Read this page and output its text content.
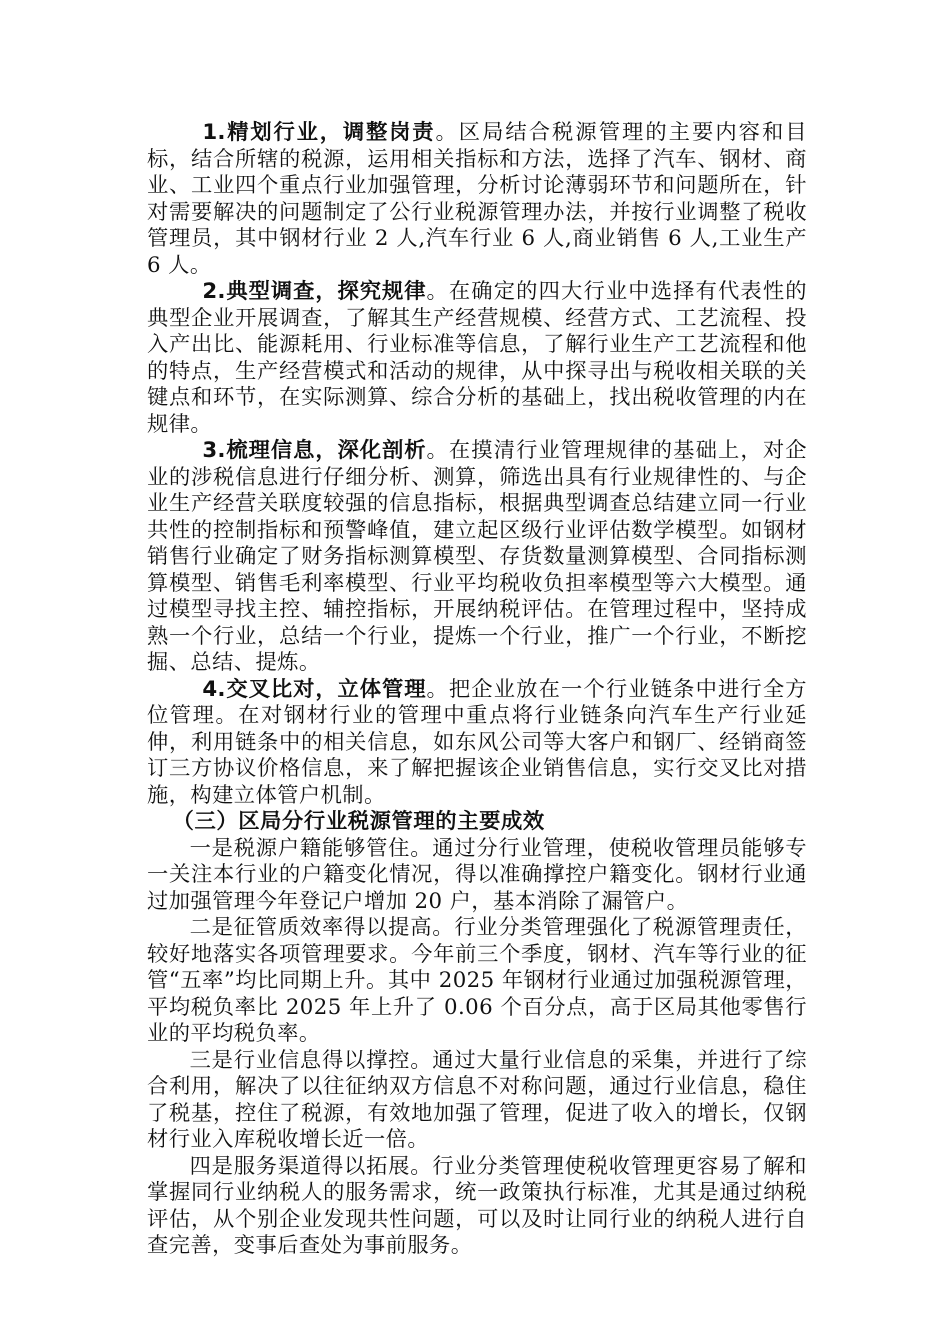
1.精划行业，调整岗责。区局结合税源管理的主要内容和目标，结合所辖的税源，运用相关指标和方法，选择了汽车、钢材、商业、工业四个重点行业加强管理，分析讨论薄弱环节和问题所在，针对需要解决的问题制定了公行业税源管理办法，并按行业调整了税收管理员，其中钢材行业 2 人,汽车行业 6 人,商业销售 6 人,工业生产 6 人。

2.典型调查，探究规律。在确定的四大行业中选择有代表性的典型企业开展调查，了解其生产经营规模、经营方式、工艺流程、投入产出比、能源耗用、行业标准等信息，了解行业生产工艺流程和他的特点，生产经营模式和活动的规律，从中探寻出与税收相关联的关键点和环节，在实际测算、综合分析的基础上，找出税收管理的内在规律。

3.梳理信息，深化剖析。在摸清行业管理规律的基础上，对企业的涉税信息进行仔细分析、测算，筛选出具有行业规律性的、与企业生产经营关联度较强的信息指标，根据典型调查总结建立同一行业共性的控制指标和预警峰值，建立起区级行业评估数学模型。如钢材销售行业确定了财务指标测算模型、存货数量测算模型、合同指标测算模型、销售毛利率模型、行业平均税收负担率模型等六大模型。通过模型寻找主控、辅控指标，开展纳税评估。在管理过程中，坚持成熟一个行业，总结一个行业，提炼一个行业，推广一个行业，不断挖掘、总结、提炼。

4.交叉比对，立体管理。把企业放在一个行业链条中进行全方位管理。在对钢材行业的管理中重点将行业链条向汽车生产行业延伸，利用链条中的相关信息，如东风公司等大客户和钢厂、经销商签订三方协议价格信息，来了解把握该企业销售信息，实行交叉比对措施，构建立体管户机制。

（三）区局分行业税源管理的主要成效

一是税源户籍能够管住。通过分行业管理，使税收管理员能够专一关注本行业的户籍变化情况，得以准确撑控户籍变化。钢材行业通过加强管理今年登记户增加 20 户，基本消除了漏管户。

二是征管质效率得以提高。行业分类管理强化了税源管理责任，较好地落实各项管理要求。今年前三个季度，钢材、汽车等行业的征管“五率”均比同期上升。其中 2025 年钢材行业通过加强税源管理，平均税负率比 2025 年上升了 0.06 个百分点，高于区局其他零售行业的平均税负率。

三是行业信息得以撑控。通过大量行业信息的采集，并进行了综合利用，解决了以往征纳双方信息不对称问题，通过行业信息，稳住了税基，控住了税源，有效地加强了管理，促进了收入的增长，仅钢材行业入库税收增长近一倍。

四是服务渠道得以拓展。行业分类管理使税收管理更容易了解和掌握同行业纳税人的服务需求，统一政策执行标准，尤其是通过纳税评估，从个别企业发现共性问题，可以及时让同行业的纳税人进行自查完善，变事后查处为事前服务。
